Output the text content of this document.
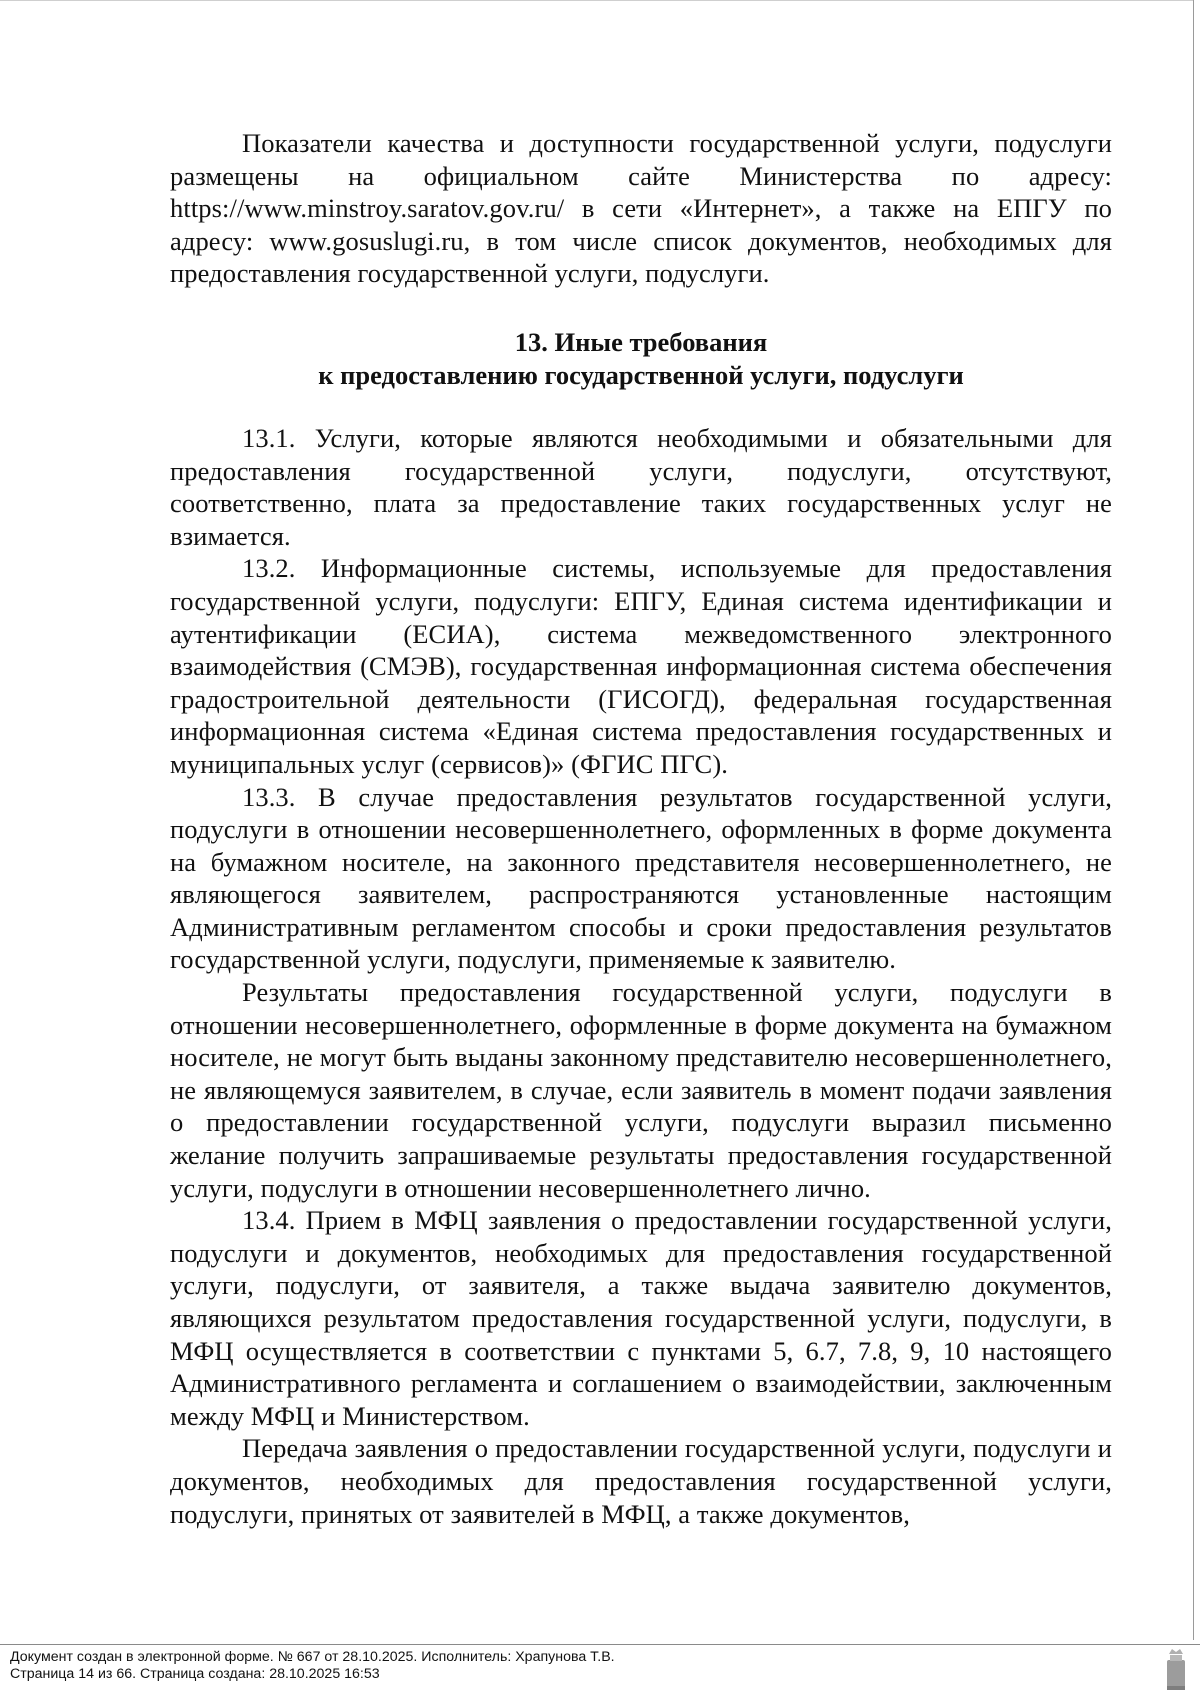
Показатели качества и доступности государственной услуги, подуслуги размещены на официальном сайте Министерства по адресу: https://www.minstroy.saratov.gov.ru/ в сети «Интернет», а также на ЕПГУ по адресу: www.gosuslugi.ru, в том числе список документов, необходимых для предоставления государственной услуги, подуслуги.

13. Иные требования
к предоставлению государственной услуги, подуслуги

13.1. Услуги, которые являются необходимыми и обязательными для предоставления государственной услуги, подуслуги, отсутствуют, соответственно, плата за предоставление таких государственных услуг не взимается.

13.2. Информационные системы, используемые для предоставления государственной услуги, подуслуги: ЕПГУ, Единая система идентификации и аутентификации (ЕСИА), система межведомственного электронного взаимодействия (СМЭВ), государственная информационная система обеспечения градостроительной деятельности (ГИСОГД), федеральная государственная информационная система «Единая система предоставления государственных и муниципальных услуг (сервисов)» (ФГИС ПГС).

13.3. В случае предоставления результатов государственной услуги, подуслуги в отношении несовершеннолетнего, оформленных в форме документа на бумажном носителе, на законного представителя несовершеннолетнего, не являющегося заявителем, распространяются установленные настоящим Административным регламентом способы и сроки предоставления результатов государственной услуги, подуслуги, применяемые к заявителю.

Результаты предоставления государственной услуги, подуслуги в отношении несовершеннолетнего, оформленные в форме документа на бумажном носителе, не могут быть выданы законному представителю несовершеннолетнего, не являющемуся заявителем, в случае, если заявитель в момент подачи заявления о предоставлении государственной услуги, подуслуги выразил письменно желание получить запрашиваемые результаты предоставления государственной услуги, подуслуги в отношении несовершеннолетнего лично.

13.4. Прием в МФЦ заявления о предоставлении государственной услуги, подуслуги и документов, необходимых для предоставления государственной услуги, подуслуги, от заявителя, а также выдача заявителю документов, являющихся результатом предоставления государственной услуги, подуслуги, в МФЦ осуществляется в соответствии с пунктами 5, 6.7, 7.8, 9, 10 настоящего Административного регламента и соглашением о взаимодействии, заключенным между МФЦ и Министерством.

Передача заявления о предоставлении государственной услуги, подуслуги и документов, необходимых для предоставления государственной услуги, подуслуги, принятых от заявителей в МФЦ, а также документов,

Документ создан в электронной форме. № 667 от 28.10.2025. Исполнитель: Храпунова Т.В.
Страница 14 из 66. Страница создана: 28.10.2025 16:53
